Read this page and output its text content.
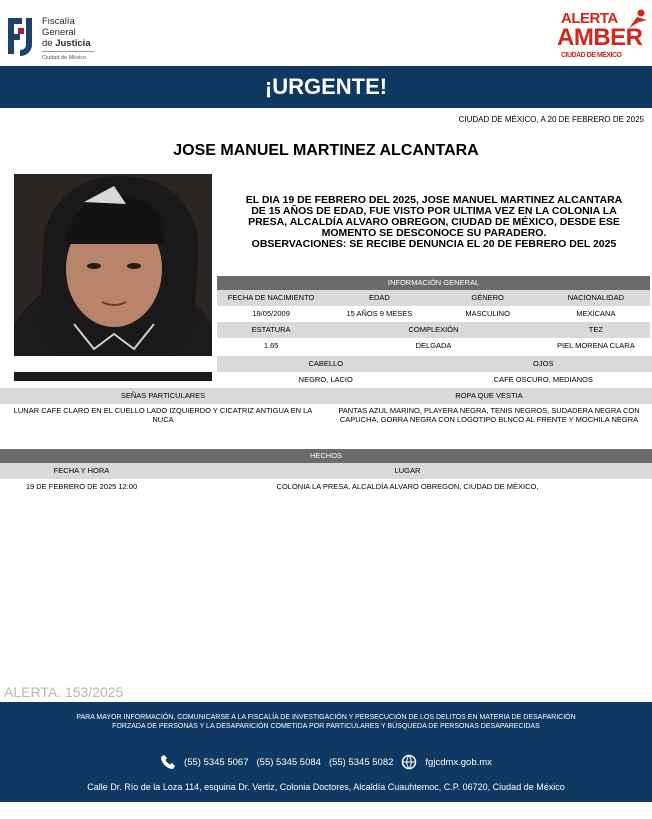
Fiscalía
General
de Justicia
Ciudad de México
ALERTA
AMBER
CIUDAD DE MÉXICO
¡URGENTE!
CIUDAD DE MÉXICO, A 20 DE FEBRERO DE 2025
JOSE MANUEL MARTINEZ ALCANTARA
EL DIA 19 DE FEBRERO DEL 2025, JOSE MANUEL MARTINEZ ALCANTARA
DE 15 AÑOS DE EDAD, FUE VISTO POR ULTIMA VEZ EN LA COLONIA LA
PRESA, ALCALDÍA ALVARO OBREGON, CIUDAD DE MÉXICO, DESDE ESE
MOMENTO SE DESCONOCE SU PARADERO.
OBSERVACIONES: SE RECIBE DENUNCIA EL 20 DE FEBRERO DEL 2025
INFORMACIÓN GENERAL
FECHA DE NACIMIENTO	EDAD	GÉNERO	NACIONALIDAD
19/05/2009	15 AÑOS 9 MESES	MASCULINO	MEXICANA
ESTATURA	COMPLEXIÓN	TEZ
1.65	DELGADA	PIEL MORENA CLARA
CABELLO	OJOS
NEGRO, LACIO	CAFE OSCURO, MEDIANOS
SEÑAS PARTICULARES	ROPA QUE VESTIA
LUNAR CAFE CLARO EN EL CUELLO LADO IZQUIERDO Y CICATRIZ ANTIGUA EN LA NUCA
PANTAS AZUL MARINO, PLAYERA NEGRA, TENIS NEGROS, SUDADERA NEGRA CON CAPUCHA, GORRA NEGRA CON LOGOTIPO BLNCO AL FRENTE Y MOCHILA NEGRA
HECHOS
FECHA Y HORA	LUGAR
19 DE FEBRERO DE 2025 12:00	COLONIA LA PRESA, ALCALDÍA ALVARO OBREGON, CIUDAD DE MÉXICO,
ALERTA. 153/2025
PARA MAYOR INFORMACIÓN, COMUNICARSE A LA FISCALÍA DE INVESTIGACIÓN Y PERSECUCIÓN DE LOS DELITOS EN MATERIA DE DESAPARICIÓN
FORZADA DE PERSONAS Y LA DESAPARICIÓN COMETIDA POR PARTICULARES Y BÚSQUEDA DE PERSONAS DESAPARECIDAS
(55) 5345 5067 (55) 5345 5084 (55) 5345 5082	fgjcdmx.gob.mx
Calle Dr. Río de la Loza 114, esquina Dr. Vertiz, Colonia Doctores, Alcaldía Cuauhtemoc, C.P. 06720, Ciudad de México
